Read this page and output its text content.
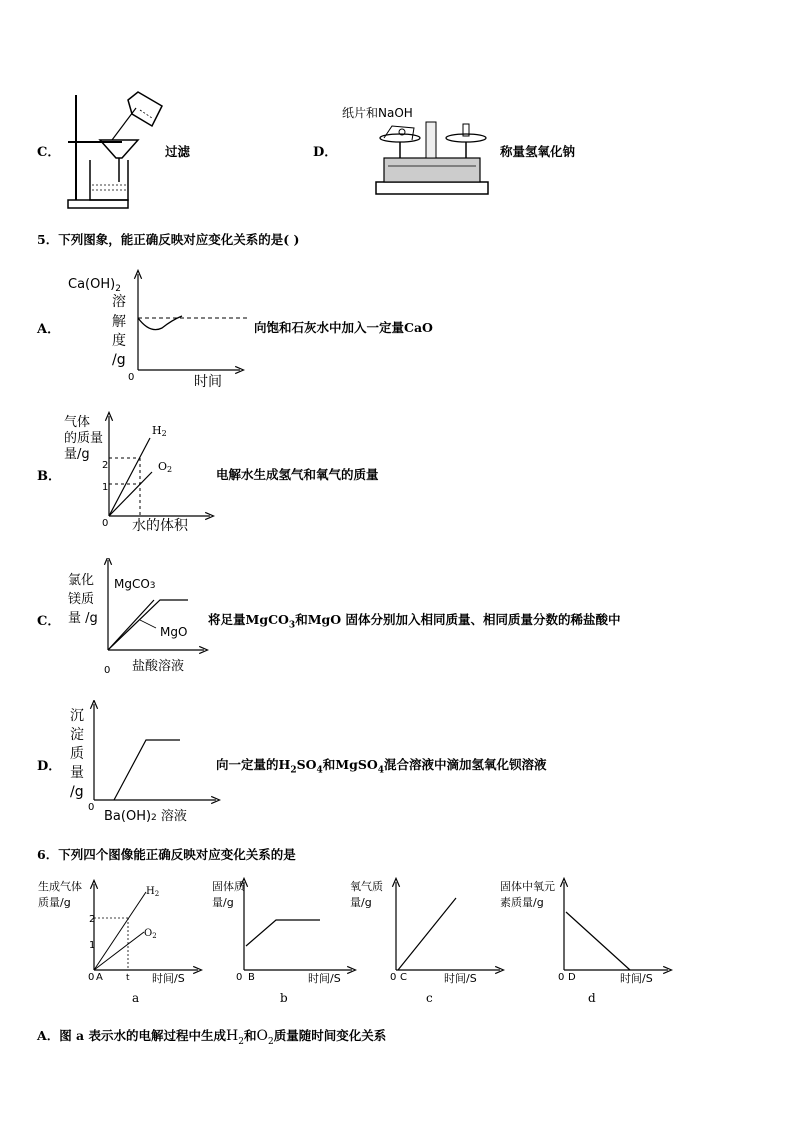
C．	过滤	D．
纸片和NaOH
称量氢氧化钠
5．下列图象，能正确反映对应变化关系的是( )
A．
$Ca(OH)_2$
溶
解
度
/g
0	时间
向饱和石灰水中加入一定量CaO
B．
气体
的质量
量/g
2
1
0 水的体积
H2
O2	电解水生成氢气和氧气的质量
C．
氯化
镁质
量 /g
0 盐酸溶液
MgCO3
MgO
将足量MgCO$_3$和MgO 固体分别加入相同质量、相同质量分数的稀盐酸中
D．
沉
淀
质
量
/g
0
Ba(OH)2 溶液
向一定量的$H_2SO_4$和MgSO$_4$混合溶液中滴加氢氧化钡溶液
6．下列四个图像能正确反映对应变化关系的是
生成气体
质量/g
2
1
0 A	t 时间/S
a
$H_2$
$O_2$
固体质
量/g
0 B	时间/S
b
氧气质
量/g
0 C	时间/S
c
固体中氧元
素质量/g
0 D	时间/S
d
A．图 a 表示水的电解过程中生成$H_2$和$O_2$质量随时间变化关系
